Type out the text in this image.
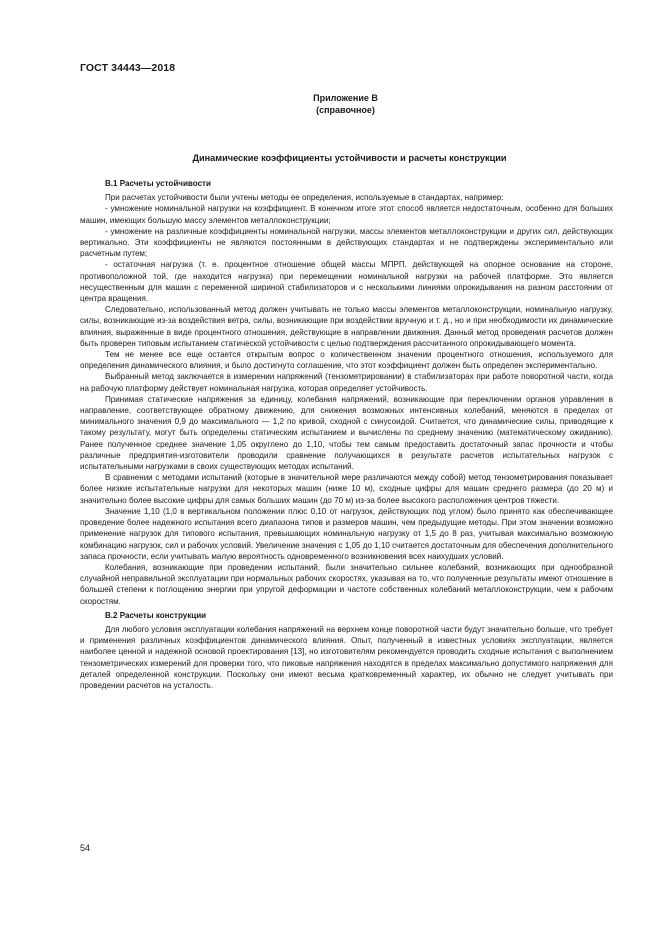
ГОСТ 34443—2018
Приложение В
(справочное)
Динамические коэффициенты устойчивости и расчеты конструкции

В.1 Расчеты устойчивости

При расчетах устойчивости были учтены методы ее определения, используемые в стандартах, например:

- умножение номинальной нагрузки на коэффициент. В конечном итоге этот способ является недостаточным, особенно для больших машин, имеющих большую массу элементов металлоконструкции;

- умножение на различные коэффициенты номинальной нагрузки, массы элементов металлоконструкции и других сил, действующих вертикально. Эти коэффициенты не являются постоянными в действующих стандартах и не подтверждены экспериментально или расчетным путем;

- остаточная нагрузка (т. е. процентное отношение общей массы МПРП, действующей на опорное основание на стороне, противоположной той, где находится нагрузка) при перемещении номинальной нагрузки на рабочей платформе. Это является несущественным для машин с переменной шириной стабилизаторов и с несколькими линиями опрокидывания на разном расстоянии от центра вращения.

Следовательно, использованный метод должен учитывать не только массы элементов металлоконструкции, номинальную нагрузку, силы, возникающие из-за воздействия ветра, силы, возникающие при воздействии вручную и т. д., но и при необходимости их динамические влияния, выраженные в виде процентного отношения, действующие в направлении движения. Данный метод проведения расчетов должен быть проверен типовым испытанием статической устойчивости с целью подтверждения рассчитанного опрокидывающего момента.

Тем не менее все еще остается открытым вопрос о количественном значении процентного отношения, используемого для определения динамического влияния, и было достигнуто соглашение, что этот коэффициент должен быть определен экспериментально.

Выбранный метод заключается в измерении напряжений (тензометрировании) в стабилизаторах при работе поворотной части, когда на рабочую платформу действует номинальная нагрузка, которая определяет устойчивость.

Принимая статические напряжения за единицу, колебания напряжений, возникающие при переключении органов управления в направление, соответствующее обратному движению, для снижения возможных интенсивных колебаний, меняются в пределах от минимального значения 0,9 до максимального — 1,2 по кривой, сходной с синусоидой. Считается, что динамические силы, приводящие к такому результату, могут быть определены статическим испытанием и вычислены по среднему значению (математическому ожиданию). Ранее полученное среднее значение 1,05 округлено до 1,10, чтобы тем самым предоставить достаточный запас прочности и чтобы различные предприятия-изготовители проводили сравнение получающихся в результате расчетов испытательных нагрузок с испытательными нагрузками в своих существующих методах испытаний.

В сравнении с методами испытаний (которые в значительной мере различаются между собой) метод тензометрирования показывает более низкие испытательные нагрузки для некоторых машин (ниже 10 м), сходные цифры для машин среднего размера (до 20 м) и значительно более высокие цифры для самых больших машин (до 70 м) из-за более высокого расположения центров тяжести.

Значение 1,10 (1,0 в вертикальном положении плюс 0,10 от нагрузок, действующих под углом) было принято как обеспечивающее проведение более надежного испытания всего диапазона типов и размеров машин, чем предыдущие методы. При этом значении возможно применение нагрузок для типового испытания, превышающих номинальную нагрузку от 1,5 до 8 раз, учитывая максимально возможную комбинацию нагрузок, сил и рабочих условий. Увеличение значения с 1,05 до 1,10 считается достаточным для обеспечения дополнительного запаса прочности, если учитывать малую вероятность одновременного возникновения всех наихудших условий.

Колебания, возникающие при проведении испытаний, были значительно сильнее колебаний, возникающих при однообразной случайной неправильной эксплуатации при нормальных рабочих скоростях, указывая на то, что полученные результаты имеют отношение в большей степени к поглощению энергии при упругой деформации и частоте собственных колебаний металлоконструкции, чем к рабочим скоростям.

В.2 Расчеты конструкции

Для любого условия эксплуатации колебания напряжений на верхнем конце поворотной части будут значительно больше, что требует и применения различных коэффициентов динамического влияния. Опыт, полученный в известных условиях эксплуатации, является наиболее ценной и надежной основой проектирования [13], но изготовителям рекомендуется проводить сходные испытания с выполнением тензометрических измерений для проверки того, что пиковые напряжения находятся в пределах максимально допустимого напряжения для деталей определенной конструкции. Поскольку они имеют весьма кратковременный характер, их обычно не следует учитывать при проведении расчетов на усталость.

54
